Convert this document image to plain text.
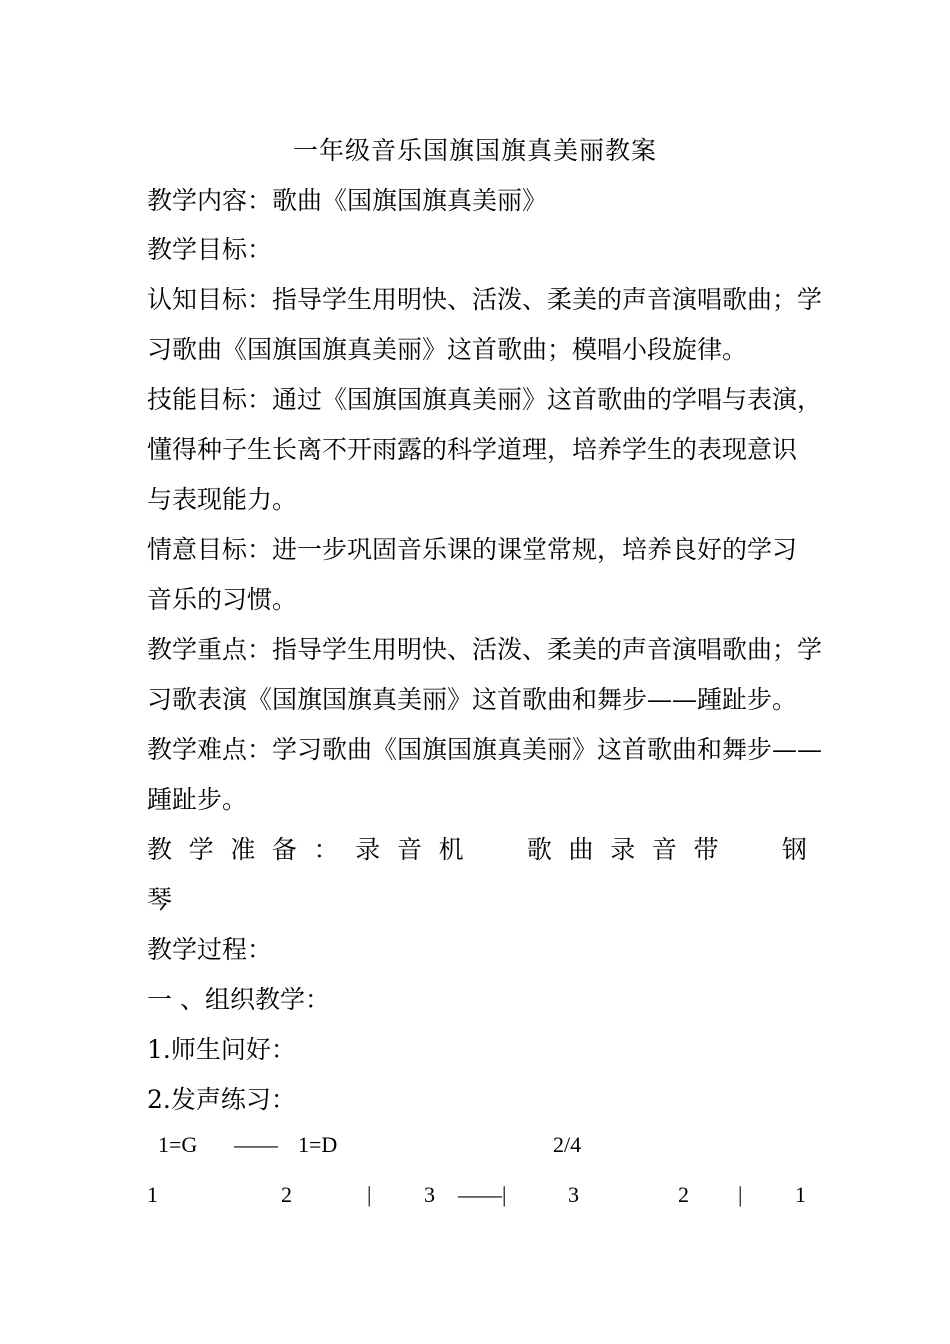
一年级音乐国旗国旗真美丽教案
教学内容：歌曲《国旗国旗真美丽》
教学目标：
认知目标：指导学生用明快、活泼、柔美的声音演唱歌曲；学
习歌曲《国旗国旗真美丽》这首歌曲；模唱小段旋律。
技能目标：通过《国旗国旗真美丽》这首歌曲的学唱与表演，
懂得种子生长离不开雨露的科学道理，培养学生的表现意识
与表现能力。
情意目标：进一步巩固音乐课的课堂常规，培养良好的学习
音乐的习惯。
教学重点：指导学生用明快、活泼、柔美的声音演唱歌曲；学
习歌表演《国旗国旗真美丽》这首歌曲和舞步——踵趾步。
教学难点：学习歌曲《国旗国旗真美丽》这首歌曲和舞步——
踵趾步。
教 学 准 备 ： 录 音 机	歌 曲 录 音 带	钢
琴
教学过程：
一 、组织教学：
1.师生问好：
2.发声练习：
1=G —— 1=D	2/4
1	2	| 3 ——|	3	2 | 1
